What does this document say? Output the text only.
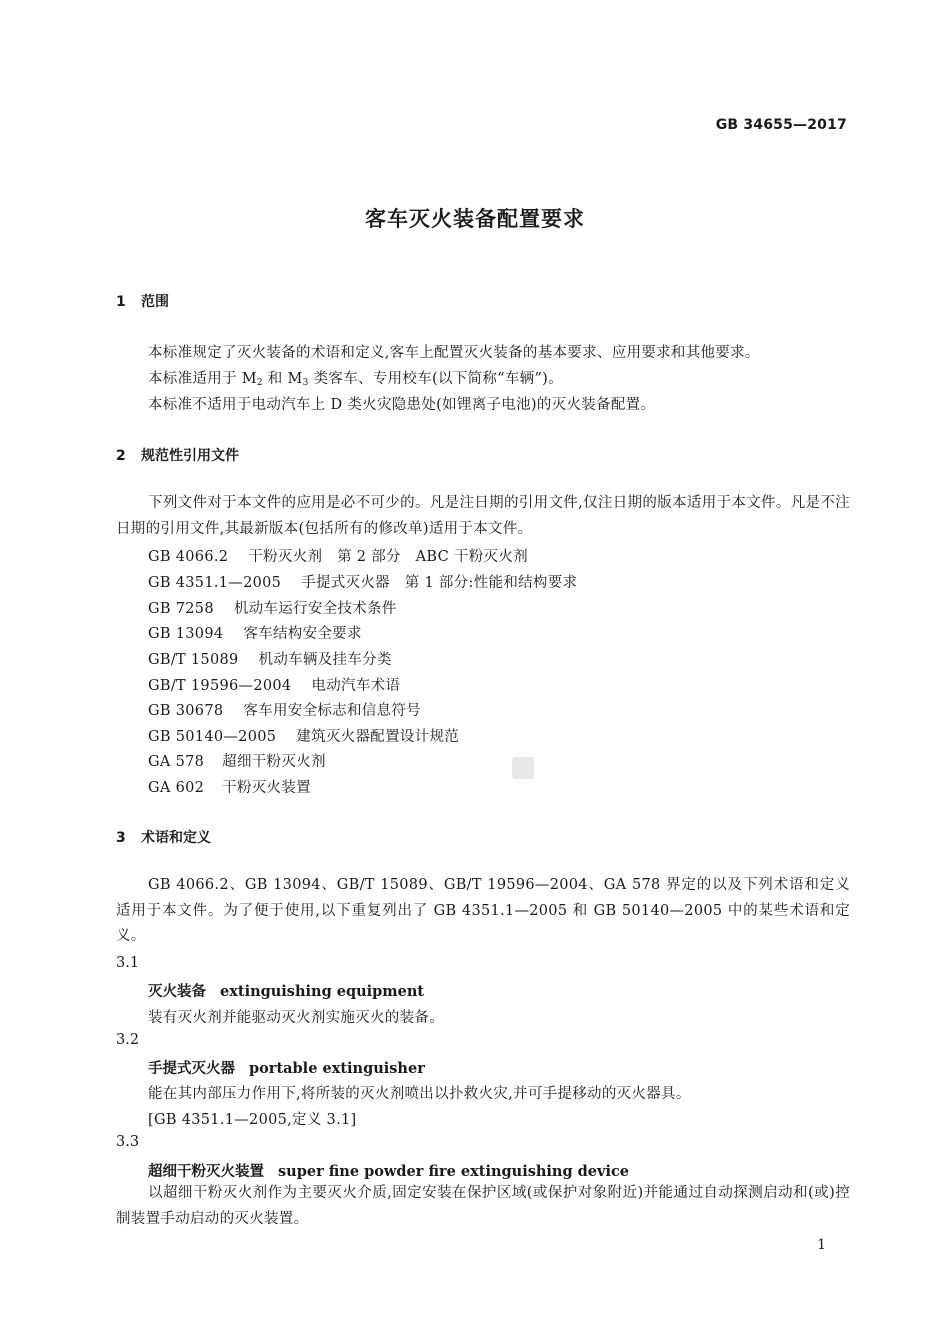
GB 34655—2017
客车灭火装备配置要求
1 范围
本标准规定了灭火装备的术语和定义,客车上配置灭火装备的基本要求、应用要求和其他要求。
本标准适用于 $M_2$ 和 $M_3$ 类客车、专用校车(以下简称“车辆”)。
本标准不适用于电动汽车上 D 类火灾隐患处(如锂离子电池)的灭火装备配置。
2 规范性引用文件
下列文件对于本文件的应用是必不可少的。凡是注日期的引用文件,仅注日期的版本适用于本文件。凡是不注日期的引用文件,其最新版本(包括所有的修改单)适用于本文件。
GB 4066.2 干粉灭火剂　第 2 部分　ABC 干粉灭火剂
GB 4351.1—2005 手提式灭火器　第 1 部分:性能和结构要求
GB 7258 机动车运行安全技术条件
GB 13094 客车结构安全要求
GB/T 15089 机动车辆及挂车分类
GB/T 19596—2004 电动汽车术语
GB 30678 客车用安全标志和信息符号
GB 50140—2005 建筑灭火器配置设计规范
GA 578 超细干粉灭火剂
GA 602 干粉灭火装置
3 术语和定义
GB 4066.2、GB 13094、GB/T 15089、GB/T 19596—2004、GA 578 界定的以及下列术语和定义适用于本文件。为了便于使用,以下重复列出了 GB 4351.1—2005 和 GB 50140—2005 中的某些术语和定义。
3.1
灭火装备 extinguishing equipment
装有灭火剂并能驱动灭火剂实施灭火的装备。
3.2
手提式灭火器 portable extinguisher
能在其内部压力作用下,将所装的灭火剂喷出以扑救火灾,并可手提移动的灭火器具。
[GB 4351.1—2005,定义 3.1]
3.3
超细干粉灭火装置 super fine powder fire extinguishing device
以超细干粉灭火剂作为主要灭火介质,固定安装在保护区域(或保护对象附近)并能通过自动探测启动和(或)控制装置手动启动的灭火装置。
1
